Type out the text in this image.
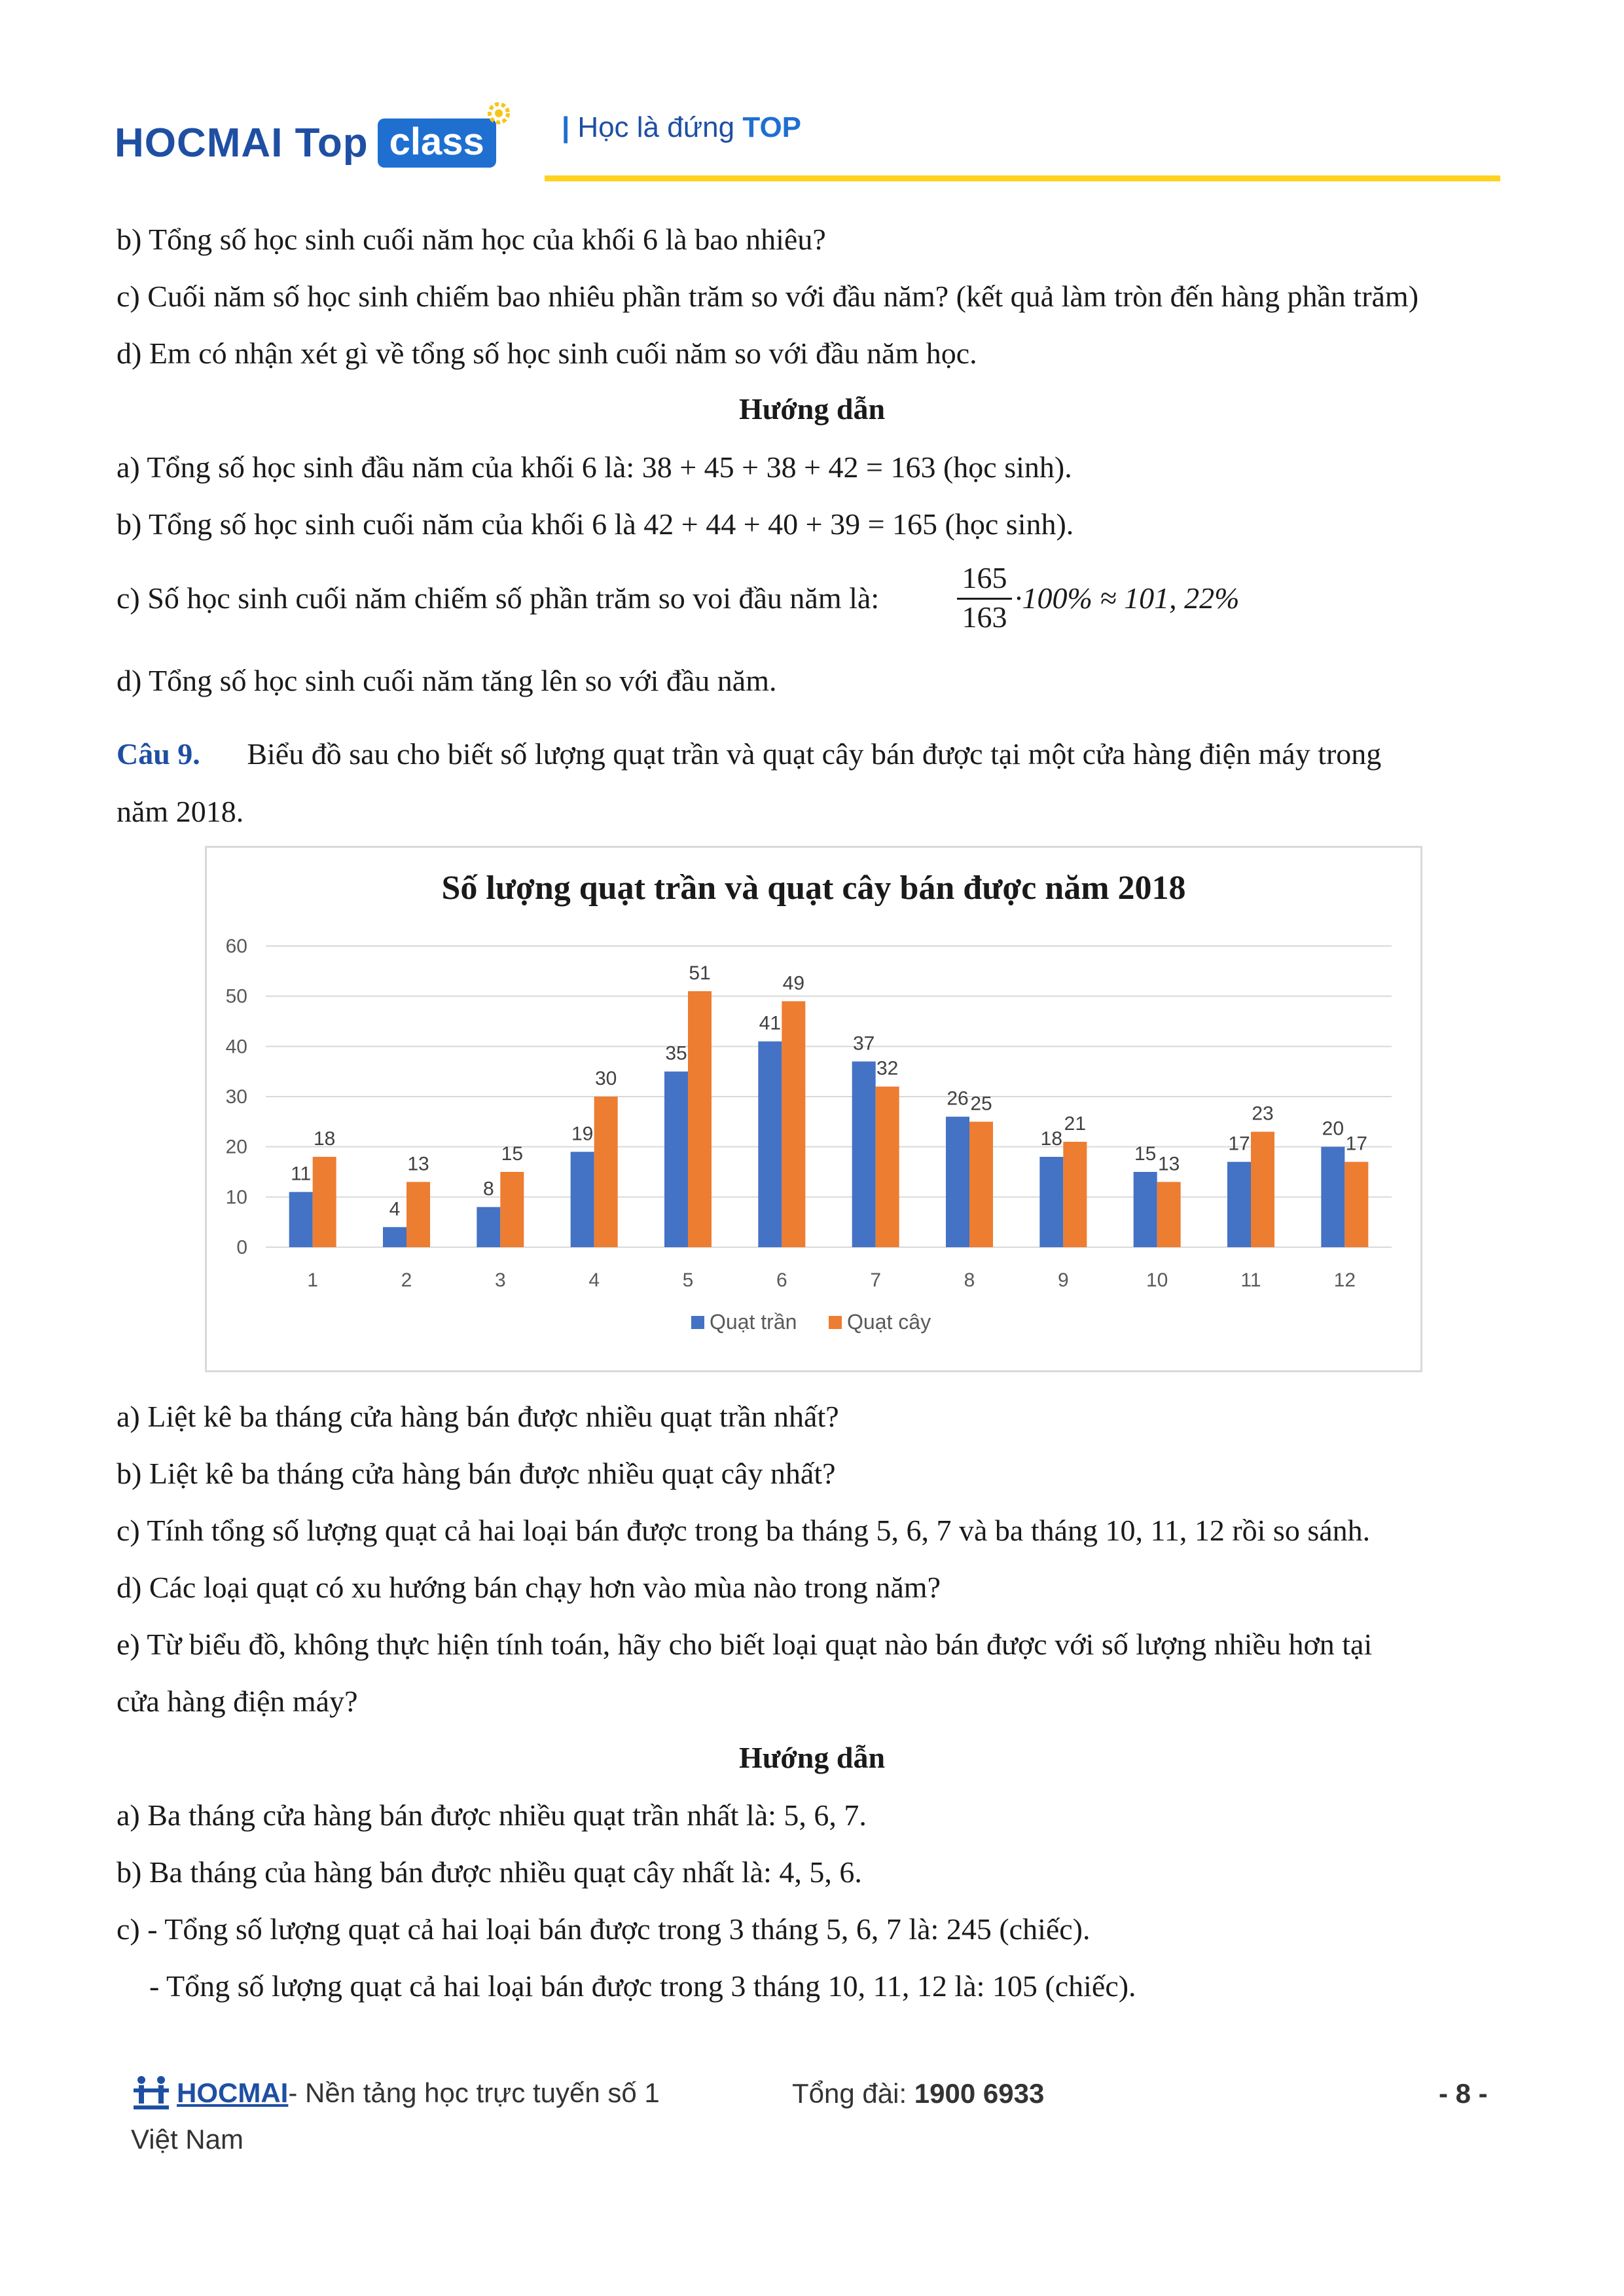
HOCMAI Top class	| Học là đứng TOP
b) Tổng số học sinh cuối năm học của khối 6 là bao nhiêu?
c) Cuối năm số học sinh chiếm bao nhiêu phần trăm so với đầu năm? (kết quả làm tròn đến hàng phần trăm)
d) Em có nhận xét gì về tổng số học sinh cuối năm so với đầu năm học.
Hướng dẫn
a) Tổng số học sinh đầu năm của khối 6 là: 38 + 45 + 38 + 42 = 163 (học sinh).
b) Tổng số học sinh cuối năm của khối 6 là 42 + 44 + 40 + 39 = 165 (học sinh).
c) Số học sinh cuối năm chiếm số phần trăm so voi đầu năm là:	$\frac{165}{163} \cdot 100\% \approx 101$, 22%
d) Tổng số học sinh cuối năm tăng lên so với đầu năm.
Câu 9. Biểu đồ sau cho biết số lượng quạt trần và quạt cây bán được tại một cửa hàng điện máy trong
năm 2018.
Số lượng quạt trần và quạt cây bán được năm 2018
0
10
20
30
40
50
60
11
18
1
4
13
2
8
15
3
19
30
4
35
51
5
41
49
6
37
32
7
26 25
8
18
21
9
15 13
10
17
23
11
20
17
12
Quạt trần Quạt cây
a) Liệt kê ba tháng cửa hàng bán được nhiều quạt trần nhất?
b) Liệt kê ba tháng cửa hàng bán được nhiều quạt cây nhất?
c) Tính tổng số lượng quạt cả hai loại bán được trong ba tháng 5, 6, 7 và ba tháng 10, 11, 12 rồi so sánh.
d) Các loại quạt có xu hướng bán chạy hơn vào mùa nào trong năm?
e) Từ biểu đồ, không thực hiện tính toán, hãy cho biết loại quạt nào bán được với số lượng nhiều hơn tại
cửa hàng điện máy?
Hướng dẫn
a) Ba tháng cửa hàng bán được nhiều quạt trần nhất là: 5, 6, 7.
b) Ba tháng của hàng bán được nhiều quạt cây nhất là: 4, 5, 6.
c) - Tổng số lượng quạt cả hai loại bán được trong 3 tháng 5, 6, 7 là: 245 (chiếc).
- Tổng số lượng quạt cả hai loại bán được trong 3 tháng 10, 11, 12 là: 105 (chiếc).
HOCMAI - Nền tảng học trực tuyến số 1	Tổng đài: 1900 6933	- 8 -
Việt Nam
